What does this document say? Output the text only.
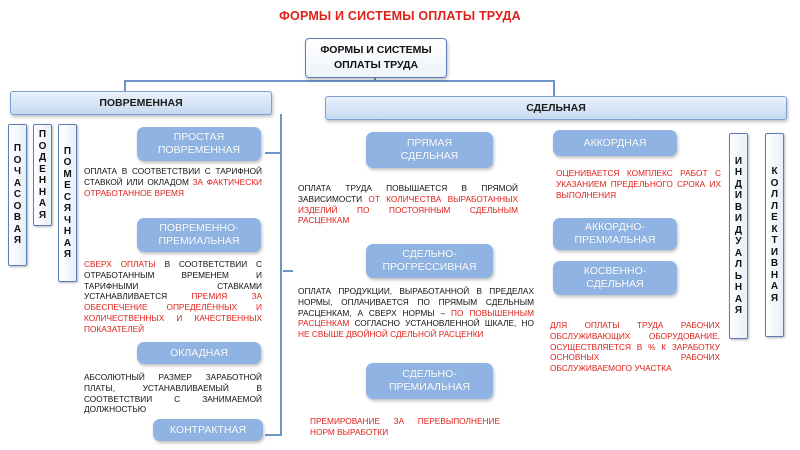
ФОРМЫ И СИСТЕМЫ ОПЛАТЫ ТРУДА
ФОРМЫ И СИСТЕМЫ
ОПЛАТЫ ТРУДА
ПОВРЕМЕННАЯ
П
О
Ч
А
С
О
В
А
Я
П
О
Д
Е
Н
Н
А
Я
П
О
М
Е
С
Я
Ч
Н
А
Я
ПРОСТАЯ
ПОВРЕМЕННАЯ
ОПЛАТА В СООТВЕТСТВИИ С ТАРИФНОЙ СТАВКОЙ ИЛИ ОКЛАДОМ ЗА ФАКТИЧЕСКИ ОТРАБОТАННОЕ ВРЕМЯ
ПОВРЕМЕННО-
ПРЕМИАЛЬНАЯ
СВЕРХ ОПЛАТЫ В СООТВЕТСТВИИ С ОТРАБОТАННЫМ ВРЕМЕНЕМ И ТАРИФНЫМИ СТАВКАМИ УСТАНАВЛИВАЕТСЯ ПРЕМИЯ ЗА ОБЕСПЕЧЕНИЕ ОПРЕДЕЛЁННЫХ И КОЛИЧЕСТВЕННЫХ И КАЧЕСТВЕННЫХ ПОКАЗАТЕЛЕЙ
ОКЛАДНАЯ
АБСОЛЮТНЫЙ РАЗМЕР ЗАРАБОТНОЙ ПЛАТЫ, УСТАНАВЛИВАЕМЫЙ В СООТВЕТСТВИИ С ЗАНИМАЕМОЙ ДОЛЖНОСТЬЮ
КОНТРАКТНАЯ
СДЕЛЬНАЯ
ПРЯМАЯ
СДЕЛЬНАЯ
ОПЛАТА ТРУДА ПОВЫШАЕТСЯ В ПРЯМОЙ ЗАВИСИМОСТИ ОТ КОЛИЧЕСТВА ВЫРАБОТАННЫХ ИЗДЕЛИЙ ПО ПОСТОЯННЫМ СДЕЛЬНЫМ РАСЦЕНКАМ
СДЕЛЬНО-
ПРОГРЕССИВНАЯ
ОПЛАТА ПРОДУКЦИИ, ВЫРАБОТАННОЙ В ПРЕДЕЛАХ НОРМЫ, ОПЛАЧИВАЕТСЯ ПО ПРЯМЫМ СДЕЛЬНЫМ РАСЦЕНКАМ, А СВЕРХ НОРМЫ – ПО ПОВЫШЕННЫМ РАСЦЕНКАМ СОГЛАСНО УСТАНОВЛЕННОЙ ШКАЛЕ, НО НЕ СВЫШЕ ДВОЙНОЙ СДЕЛЬНОЙ РАСЦЕНКИ
СДЕЛЬНО-
ПРЕМИАЛЬНАЯ
ПРЕМИРОВАНИЕ ЗА ПЕРЕВЫПОЛНЕНИЕ НОРМ ВЫРАБОТКИ
АККОРДНАЯ
ОЦЕНИВАЕТСЯ КОМПЛЕКС РАБОТ С УКАЗАНИЕМ ПРЕДЕЛЬНОГО СРОКА ИХ ВЫПОЛНЕНИЯ
АККОРДНО-
ПРЕМИАЛЬНАЯ
КОСВЕННО-
СДЕЛЬНАЯ
ДЛЯ ОПЛАТЫ ТРУДА РАБОЧИХ ОБСЛУЖИВАЮЩИХ ОБОРУДОВАНИЕ, ОСУЩЕСТВЛЯЕТСЯ В % К ЗАРАБОТКУ ОСНОВНЫХ РАБОЧИХ ОБСЛУЖИВАЕМОГО УЧАСТКА
И
Н
Д
И
В
И
Д
У
А
Л
Ь
Н
А
Я
К
О
Л
Л
Е
К
Т
И
В
Н
А
Я
